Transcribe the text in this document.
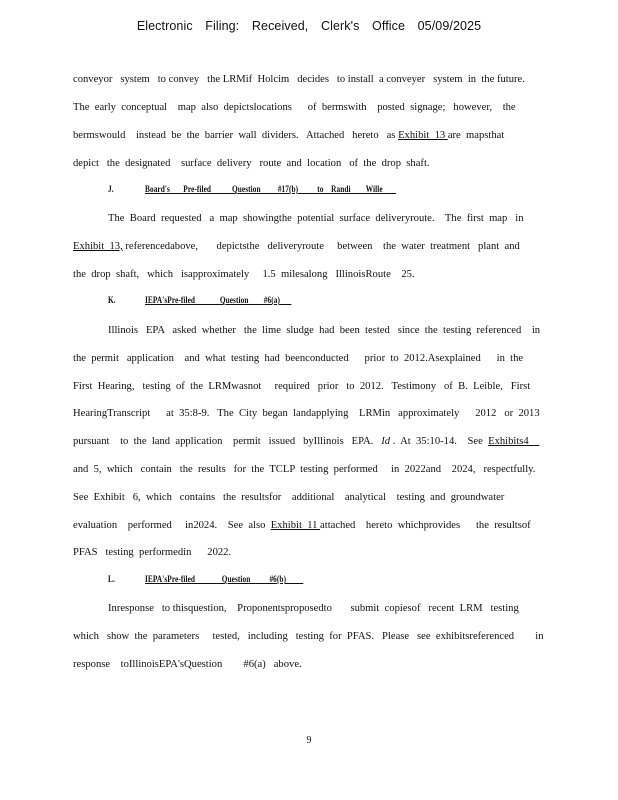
Electronic Filing: Received, Clerk's Office 05/09/2025
conveyor   system   to convey   the LRMif  Holcim   decides   to install  a conveyer   system  in  the future.
The  early  conceptual    map  also  depictslocations      of  bermswith    posted  signage;   however,    the
bermswould    instead  be  the  barrier  wall  dividers.   Attached   hereto   as Exhibit  13 are  mapsthat
depict   the  designated    surface  delivery   route  and  location   of  the  drop  shaft.
J.	Board's       Pre-filed           Question         #17(b)          to    Randi        Wille
The  Board  requested   a  map  showingthe  potential  surface  deliveryroute.    The  first  map   in
Exhibit  13, referencedabove,       depictsthe   deliveryroute     between    the  water  treatment   plant  and
the  drop  shaft,   which   isapproximately     1.5  milesalong   IllinoisRoute    25.
K.	IEPA'sPre-filed             Question        #6(a)
Illinois   EPA   asked  whether   the  lime  sludge  had  been  tested   since  the  testing  referenced    in
the  permit   application    and  what  testing  had  beenconducted      prior  to  2012.Asexplained      in  the
First  Hearing,   testing  of  the  LRMwasnot     required   prior   to  2012.   Testimony   of  B.  Leible,   First
HearingTranscript      at  35:8-9.   The  City  began  landapplying    LRMin   approximately      2012   or  2013
pursuant    to  the  land  application    permit   issued   byIllinois   EPA.   Id .  At  35:10-14.    See  Exhibits4
and  5,  which   contain   the  results   for  the  TCLP  testing  performed     in  2022and    2024,   respectfully.
See  Exhibit   6,  which   contains   the  resultsfor    additional    analytical    testing  and  groundwater
evaluation    performed     in2024.    See  also  Exhibit  11 attached    hereto  whichprovides      the  resultsof
PFAS   testing  performedin      2022.
L.	IEPA'sPre-filed              Question          #6(b)
Inresponse   to thisquestion,    Proponentsproposedto       submit  copiesof   recent  LRM   testing
which   show  the  parameters     tested,   including   testing  for  PFAS.   Please   see  exhibitsreferenced        in
response    toIllinoisEPA'sQuestion        #6(a)   above.
9
